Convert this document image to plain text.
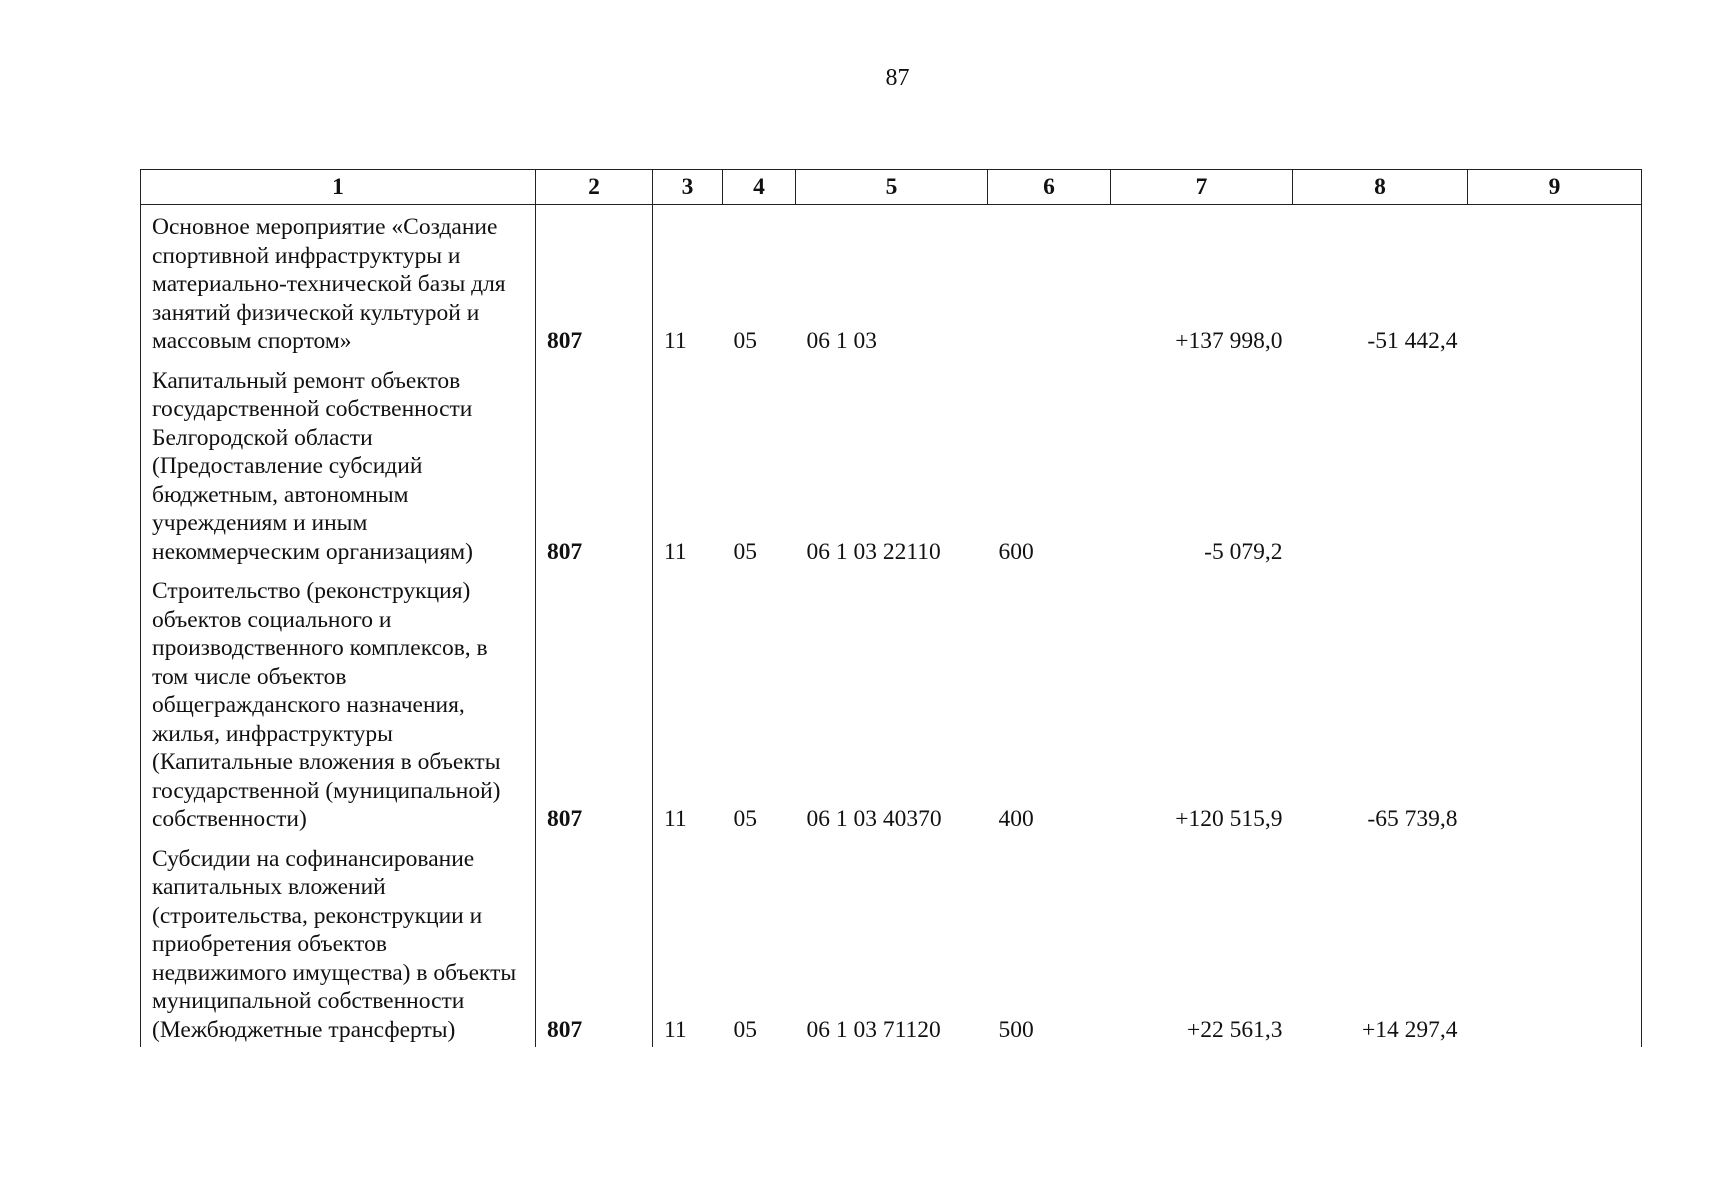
87
1	2	3	4	5	6	7	8	9
Основное мероприятие «Создание спортивной инфраструктуры и материально-технической базы для занятий физической культурой и массовым спортом»	807	11	05	06 1 03		+137 998,0	-51 442,4	
Капитальный ремонт объектов государственной собственности Белгородской области (Предоставление субсидий бюджетным, автономным учреждениям и иным некоммерческим организациям)	807	11	05	06 1 03 22110	600	-5 079,2		
Строительство (реконструкция) объектов социального и производственного комплексов, в том числе объектов общегражданского назначения, жилья, инфраструктуры (Капитальные вложения в объекты государственной (муниципальной) собственности)	807	11	05	06 1 03 40370	400	+120 515,9	-65 739,8	
Субсидии на софинансирование капитальных вложений (строительства, реконструкции и приобретения объектов недвижимого имущества) в объекты муниципальной собственности (Межбюджетные трансферты)	807	11	05	06 1 03 71120	500	+22 561,3	+14 297,4	
